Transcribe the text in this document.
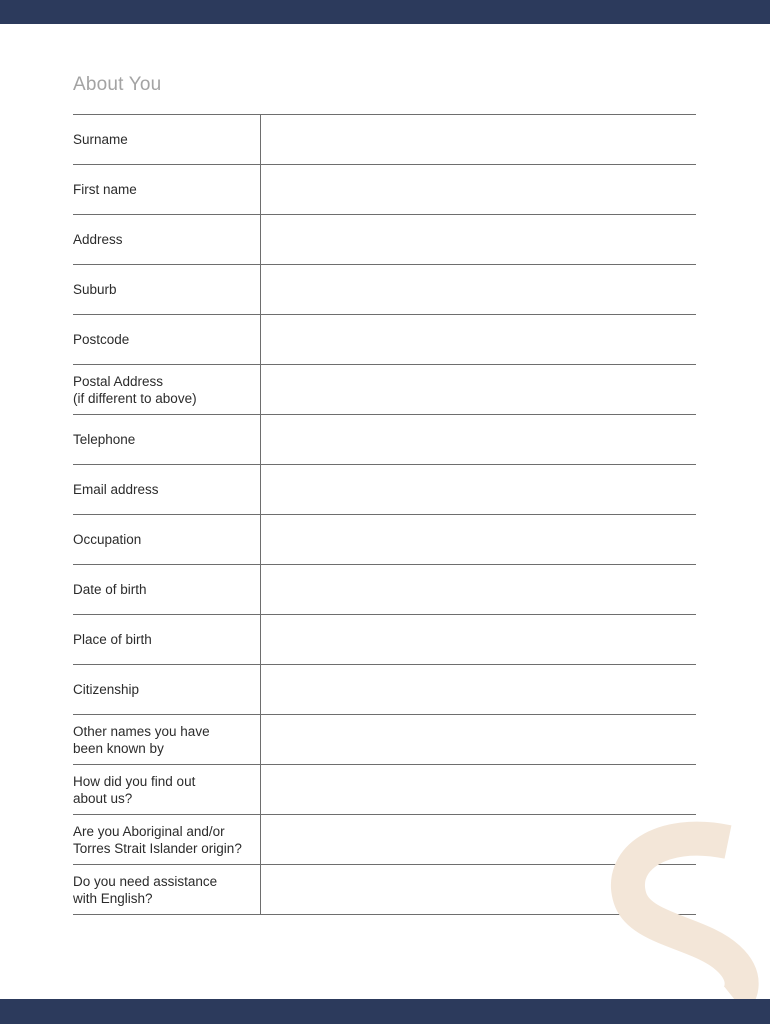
About You
Surname
First name
Address
Suburb
Postcode
Postal Address
(if different to above)
Telephone
Email address
Occupation
Date of birth
Place of birth
Citizenship
Other names you have
been known by
How did you find out
about us?
Are you Aboriginal and/or
Torres Strait Islander origin?
Do you need assistance
with English?
